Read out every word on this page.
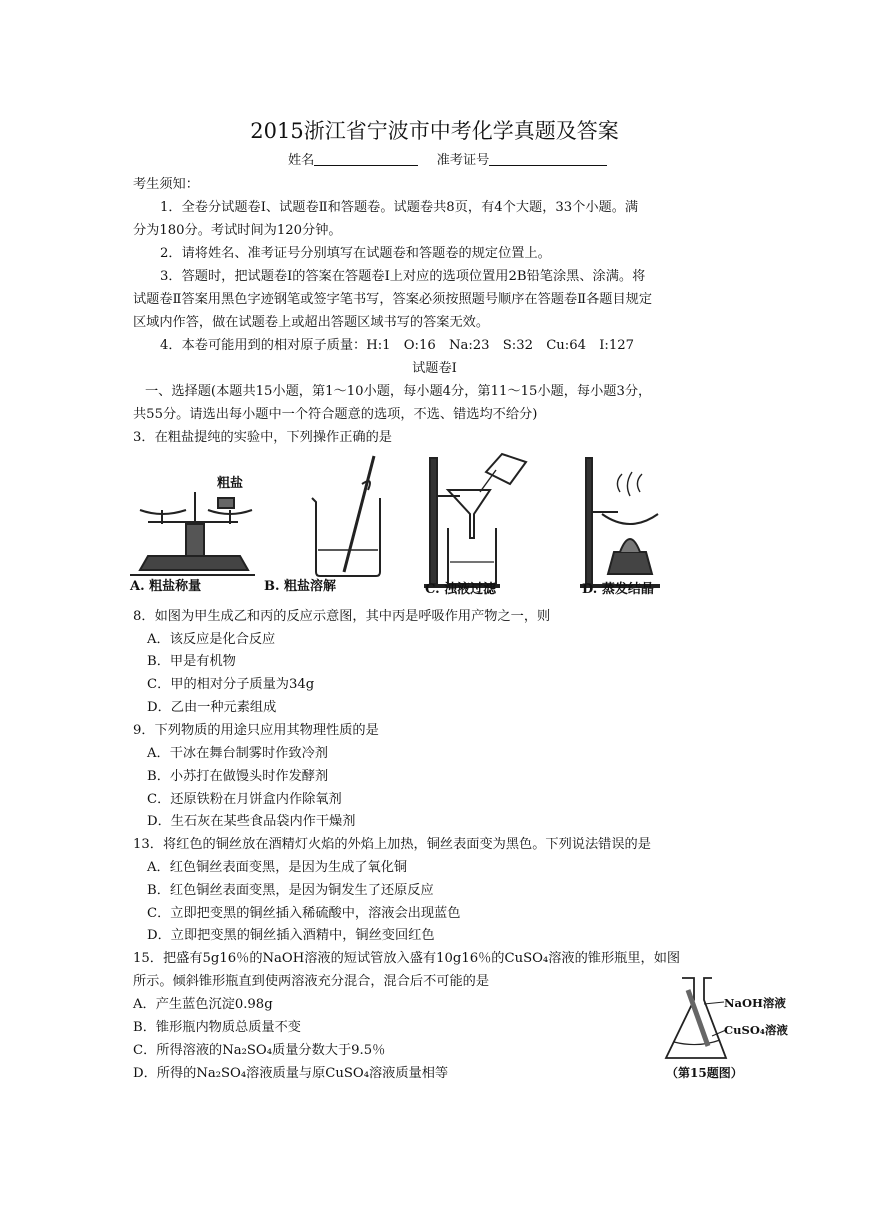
2015浙江省宁波市中考化学真题及答案
姓名	准考证号
考生须知：
1．全卷分试题卷Ⅰ、试题卷Ⅱ和答题卷。试题卷共8页，有4个大题，33个小题。满
分为180分。考试时间为120分钟。
2．请将姓名、准考证号分别填写在试题卷和答题卷的规定位置上。
3．答题时，把试题卷Ⅰ的答案在答题卷Ⅰ上对应的选项位置用2B铅笔涂黑、涂满。将
试题卷Ⅱ答案用黑色字迹钢笔或签字笔书写，答案必须按照题号顺序在答题卷Ⅱ各题目规定
区域内作答，做在试题卷上或超出答题区域书写的答案无效。
4．本卷可能用到的相对原子质量：H:1　O:16　Na:23　S:32　Cu:64　I:127
试题卷Ⅰ
一、选择题(本题共15小题，第1～10小题，每小题4分，第11～15小题，每小题3分，
共55分。请选出每小题中一个符合题意的选项，不选、错选均不给分)
3．在粗盐提纯的实验中，下列操作正确的是
粗盐
A. 粗盐称量	B. 粗盐溶解	C. 浊液过滤	D. 蒸发结晶
8．如图为甲生成乙和丙的反应示意图，其中丙是呼吸作用产物之一，则
A．该反应是化合反应
B．甲是有机物
C．甲的相对分子质量为34g
D．乙由一种元素组成
9．下列物质的用途只应用其物理性质的是
A．干冰在舞台制雾时作致冷剂
B．小苏打在做馒头时作发酵剂
C．还原铁粉在月饼盒内作除氧剂
D．生石灰在某些食品袋内作干燥剂
13．将红色的铜丝放在酒精灯火焰的外焰上加热，铜丝表面变为黑色。下列说法错误的是
A．红色铜丝表面变黑，是因为生成了氧化铜
B．红色铜丝表面变黑，是因为铜发生了还原反应
C．立即把变黑的铜丝插入稀硫酸中，溶液会出现蓝色
D．立即把变黑的铜丝插入酒精中，铜丝变回红色
15．把盛有5g16％的NaOH溶液的短试管放入盛有10g16％的CuSO₄溶液的锥形瓶里，如图
所示。倾斜锥形瓶直到使两溶液充分混合，混合后不可能的是
A．产生蓝色沉淀0.98g
B．锥形瓶内物质总质量不变
C．所得溶液的Na₂SO₄质量分数大于9.5％
D．所得的Na₂SO₄溶液质量与原CuSO₄溶液质量相等
NaOH溶液
CuSO₄溶液
（第15题图）
